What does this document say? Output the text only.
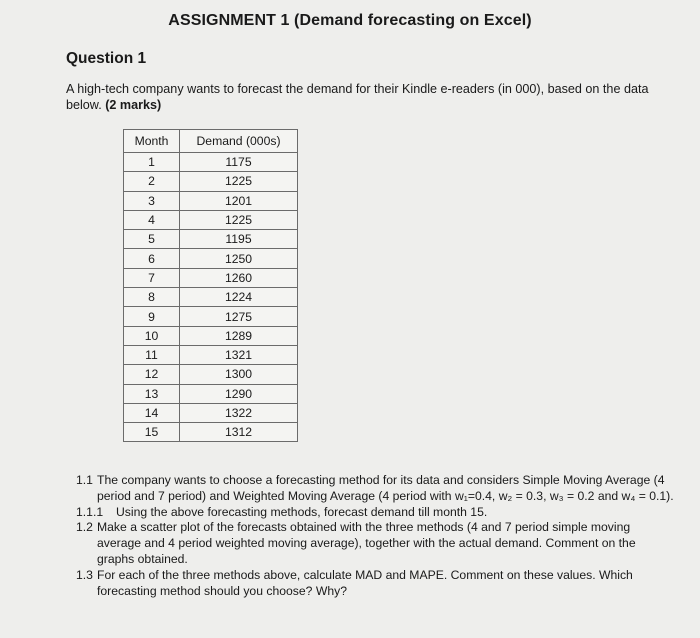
ASSIGNMENT 1 (Demand forecasting on Excel)
Question 1
A high-tech company wants to forecast the demand for their Kindle e-readers (in 000), based on the data below. (2 marks)
Month	Demand (000s)
1	1175
2	1225
3	1201
4	1225
5	1195
6	1250
7	1260
8	1224
9	1275
10	1289
11	1321
12	1300
13	1290
14	1322
15	1312
1.1 The company wants to choose a forecasting method for its data and considers Simple Moving Average (4 period and 7 period) and Weighted Moving Average (4 period with w₁=0.4, w₂ = 0.3, w₃ = 0.2 and w₄ = 0.1).
1.1.1 Using the above forecasting methods, forecast demand till month 15.
1.2 Make a scatter plot of the forecasts obtained with the three methods (4 and 7 period simple moving average and 4 period weighted moving average), together with the actual demand. Comment on the graphs obtained.
1.3 For each of the three methods above, calculate MAD and MAPE. Comment on these values. Which forecasting method should you choose? Why?
